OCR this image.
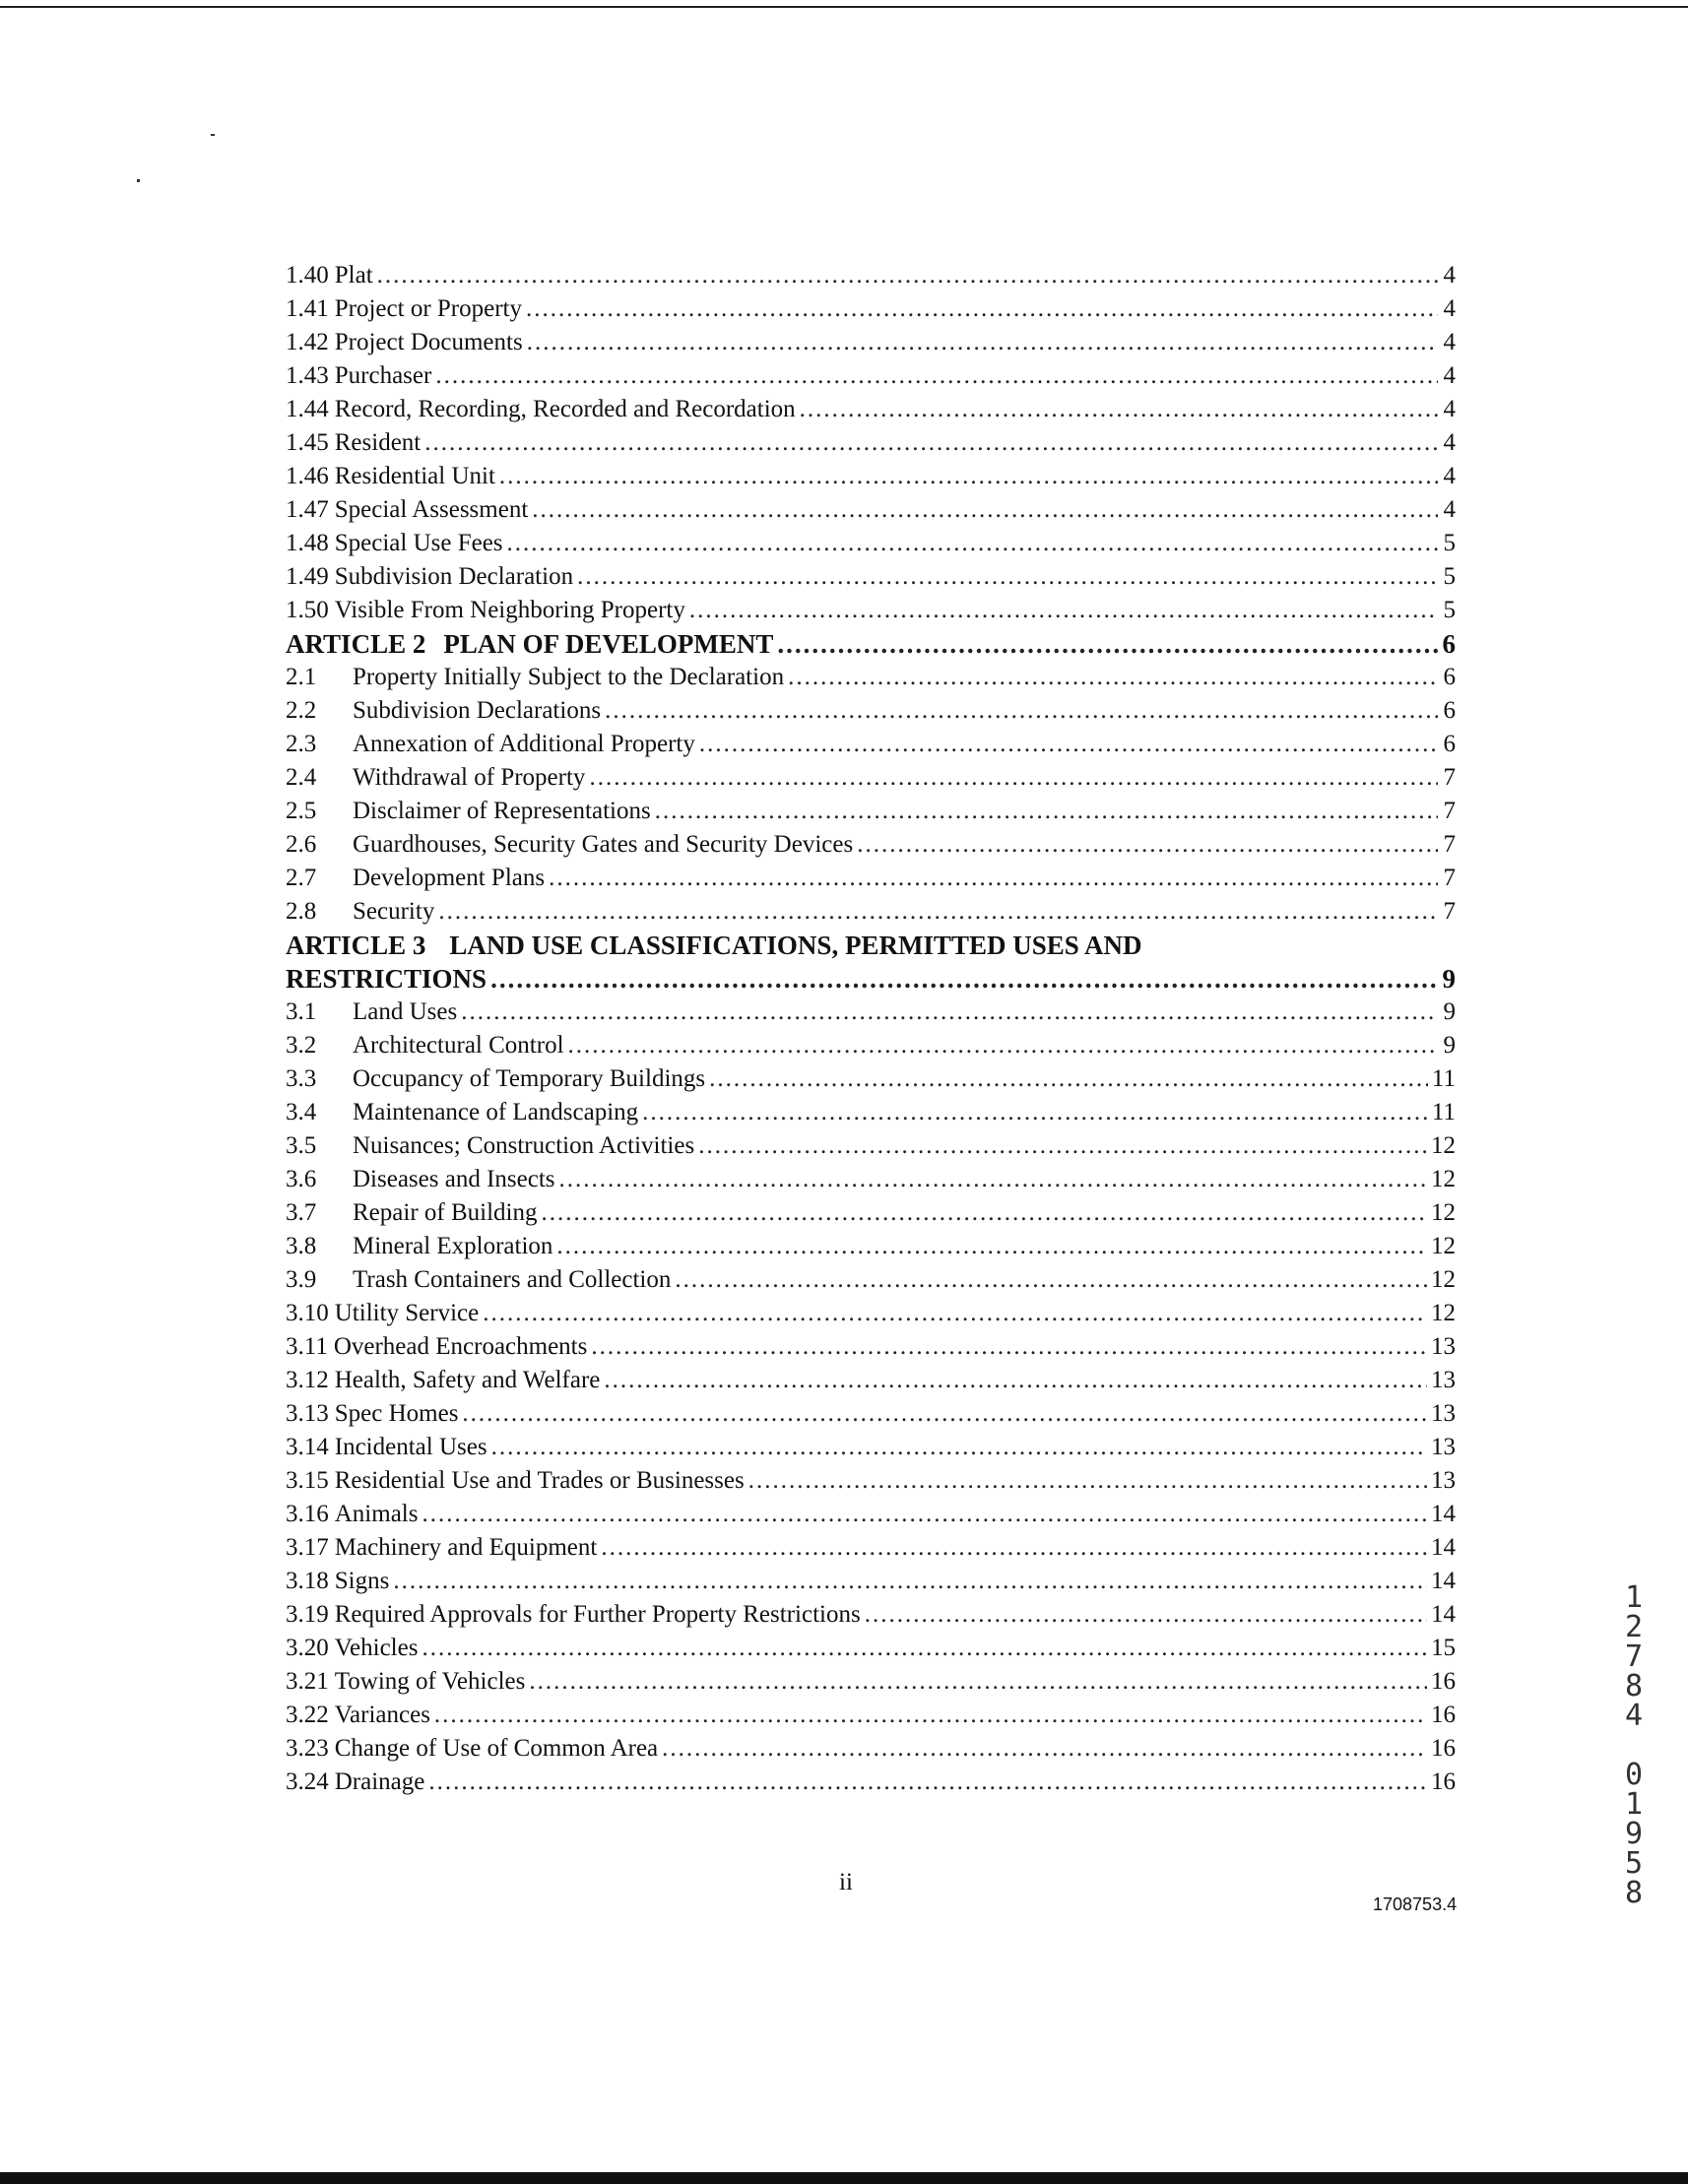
1.40 Plat .....	4
1.41 Project or Property .....	4
1.42 Project Documents .....	4
1.43 Purchaser .....	4
1.44 Record, Recording, Recorded and Recordation .....	4
1.45 Resident .....	4
1.46 Residential Unit .....	4
1.47 Special Assessment .....	4
1.48 Special Use Fees .....	5
1.49 Subdivision Declaration .....	5
1.50 Visible From Neighboring Property .....	5
ARTICLE 2 PLAN OF DEVELOPMENT .....	6
2.1	Property Initially Subject to the Declaration .....	6
2.2	Subdivision Declarations .....	6
2.3	Annexation of Additional Property .....	6
2.4	Withdrawal of Property .....	7
2.5	Disclaimer of Representations .....	7
2.6	Guardhouses, Security Gates and Security Devices .....	7
2.7	Development Plans .....	7
2.8	Security .....	7
ARTICLE 3 LAND USE CLASSIFICATIONS, PERMITTED USES AND
RESTRICTIONS .....	9
3.1	Land Uses .....	9
3.2	Architectural Control .....	9
3.3	Occupancy of Temporary Buildings .....	11
3.4	Maintenance of Landscaping .....	11
3.5	Nuisances; Construction Activities .....	12
3.6	Diseases and Insects .....	12
3.7	Repair of Building .....	12
3.8	Mineral Exploration .....	12
3.9	Trash Containers and Collection .....	12
3.10 Utility Service .....	12
3.11 Overhead Encroachments .....	13
3.12 Health, Safety and Welfare .....	13
3.13 Spec Homes .....	13
3.14 Incidental Uses .....	13
3.15 Residential Use and Trades or Businesses .....	13
3.16 Animals .....	14
3.17 Machinery and Equipment .....	14
3.18 Signs .....	14
3.19 Required Approvals for Further Property Restrictions .....	14
3.20 Vehicles .....	15
3.21 Towing of Vehicles .....	16
3.22 Variances .....	16
3.23 Change of Use of Common Area .....	16
3.24 Drainage .....	16
ii
1708753.4
1
2
7
8
4
0
1
9
5
8
